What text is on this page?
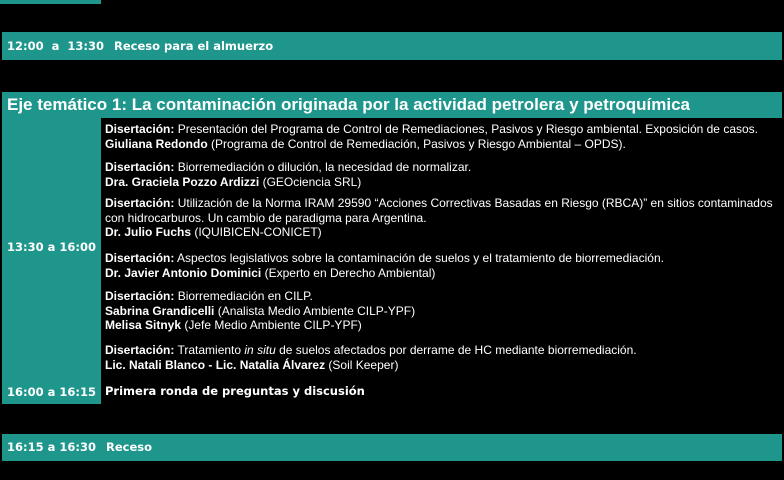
12:00  a  13:30 Receso para el almuerzo
Eje temático 1: La contaminación originada por la actividad petrolera y petroquímica
13:30 a 16:00
16:00 a 16:15
Disertación: Presentación del Programa de Control de Remediaciones, Pasivos y Riesgo ambiental. Exposición de casos. Giuliana Redondo (Programa de Control de Remediación, Pasivos y Riesgo Ambiental – OPDS).
Disertación: Biorremediación o dilución, la necesidad de normalizar.
Dra. Graciela Pozzo Ardizzi (GEOciencia SRL)
Disertación: Utilización de la Norma IRAM 29590 “Acciones Correctivas Basadas en Riesgo (RBCA)” en sitios contaminados con hidrocarburos. Un cambio de paradigma para Argentina.
Dr. Julio Fuchs (IQUIBICEN-CONICET)
Disertación: Aspectos legislativos sobre la contaminación de suelos y el tratamiento de biorremediación.
Dr. Javier Antonio Dominici (Experto en Derecho Ambiental)
Disertación: Biorremediación en CILP.
Sabrina Grandicelli (Analista Medio Ambiente CILP-YPF)
Melisa Sitnyk (Jefe Medio Ambiente CILP-YPF)
Disertación: Tratamiento in situ de suelos afectados por derrame de HC mediante biorremediación.
Lic. Natali Blanco - Lic. Natalia Álvarez (Soil Keeper)
Primera ronda de preguntas y discusión
16:15 a 16:30 Receso
